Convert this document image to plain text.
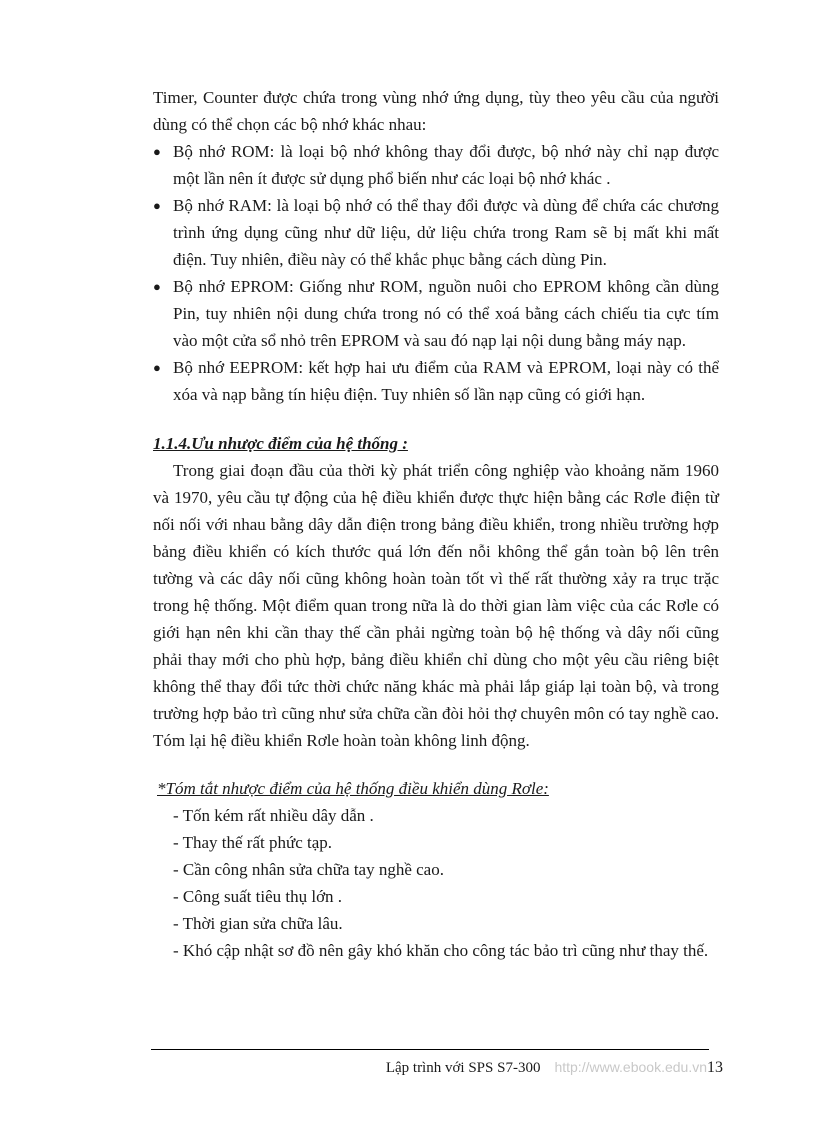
Timer, Counter được chứa trong vùng nhớ ứng dụng, tùy theo yêu cầu của người dùng có thể chọn các bộ nhớ khác nhau:

● Bộ nhớ ROM: là loại bộ nhớ không thay đổi được, bộ nhớ này chỉ nạp được một lần nên ít được sử dụng phổ biến như các loại bộ nhớ khác .
● Bộ nhớ RAM: là loại bộ nhớ có thể thay đổi được và dùng để chứa các chương trình ứng dụng cũng như dữ liệu, dử liệu chứa trong Ram sẽ bị mất khi mất điện. Tuy nhiên, điều này có thể khắc phục bằng cách dùng Pin.
● Bộ nhớ EPROM: Giống như ROM, nguồn nuôi cho EPROM không cần dùng Pin, tuy nhiên nội dung chứa trong nó có thể xoá bằng cách chiếu tia cực tím vào một cửa sổ nhỏ trên EPROM và sau đó nạp lại nội dung bằng máy nạp.
● Bộ nhớ EEPROM: kết hợp hai ưu điểm của RAM và EPROM, loại này có thể xóa và nạp bằng tín hiệu điện. Tuy nhiên số lần nạp cũng có giới hạn.

1.1.4.Ưu nhược điểm của hệ thống :

Trong giai đoạn đầu của thời kỳ phát triển công nghiệp vào khoảng năm 1960 và 1970, yêu cầu tự động của hệ điều khiển được thực hiện bằng các Rơle điện từ nối nối với nhau bằng dây dẫn điện trong bảng điều khiển, trong nhiều trường hợp bảng điều khiển có kích thước quá lớn đến nỗi không thể gắn toàn bộ lên trên tường và các dây nối cũng không hoàn toàn tốt vì thế rất thường xảy ra trục trặc trong hệ thống. Một điểm quan trong nữa là do thời gian làm việc của các Rơle có giới hạn nên khi cần thay thế cần phải ngừng toàn bộ hệ thống và dây nối cũng phải thay mới cho phù hợp, bảng điều khiển chỉ dùng cho một yêu cầu riêng biệt không thể thay đổi tức thời chức năng khác mà phải lắp giáp lại toàn bộ, và trong trường hợp bảo trì cũng như sửa chữa cần đòi hỏi thợ chuyên môn có tay nghề cao. Tóm lại hệ điều khiển Rơle hoàn toàn không linh động.

*Tóm tắt nhược điểm của hệ thống điều khiển dùng Rơle:

- Tốn kém rất nhiều dây dẫn .
- Thay thế rất phức tạp.
- Cần công nhân sửa chữa tay nghề cao.
- Công suất tiêu thụ lớn .
- Thời gian sửa chữa lâu.
- Khó cập nhật sơ đồ nên gây khó khăn cho công tác bảo trì cũng như thay thế.
Lập trình với SPS S7-300 http://www.ebook.edu.vn13
